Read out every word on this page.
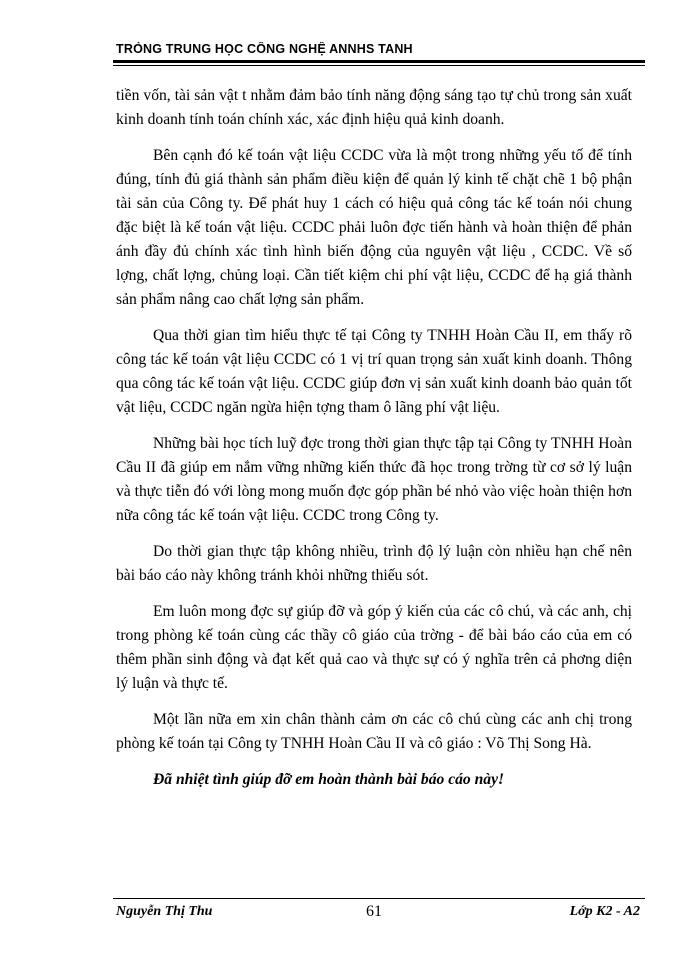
TRÒNG TRUNG HỌC CÔNG NGHỆ ANNHS TANH

tiền vốn, tài sản vật t nhằm đảm bảo tính năng động sáng tạo tự chủ trong sản xuất kinh doanh tính toán chính xác, xác định hiệu quả kinh doanh.

Bên cạnh đó kế toán vật liệu CCDC vừa là một trong những yếu tố để tính đúng, tính đủ giá thành sản phẩm điều kiện để quản lý kinh tế chặt chẽ 1 bộ phận tài sản của Công ty. Để phát huy 1 cách có hiệu quả công tác kế toán nói chung đặc biệt là kế toán vật liệu. CCDC phải luôn đợc tiến hành và hoàn thiện để phản ánh đầy đủ chính xác tình hình biến động của nguyên vật liệu , CCDC. Về số lợng, chất lợng, chủng loại. Cần tiết kiệm chi phí vật liệu, CCDC để hạ giá thành sản phẩm nâng cao chất lợng sản phẩm.

Qua thời gian tìm hiểu thực tế tại Công ty TNHH Hoàn Cầu II, em thấy rõ công tác kế toán vật liệu CCDC có 1 vị trí quan trọng sản xuất kinh doanh. Thông qua công tác kế toán vật liệu. CCDC giúp đơn vị sản xuất kinh doanh bảo quản tốt vật liệu, CCDC ngăn ngừa hiện tợng tham ô lãng phí vật liệu.

Những bài học tích luỹ đợc trong thời gian thực tập tại Công ty TNHH Hoàn Cầu II đã giúp em nắm vững những kiến thức đã học trong trờng từ cơ sở lý luận và thực tiễn đó với lòng mong muốn đợc góp phần bé nhỏ vào việc hoàn thiện hơn nữa công tác kế toán vật liệu. CCDC trong Công ty.

Do thời gian thực tập không nhiều, trình độ lý luận còn nhiều hạn chế nên bài báo cáo này không tránh khỏi những thiếu sót.

Em luôn mong đợc sự giúp đỡ và góp ý kiến của các cô chú, và các anh, chị trong phòng kế toán cùng các thầy cô giáo của trờng - để bài báo cáo của em có thêm phần sinh động và đạt kết quả cao và thực sự có ý nghĩa trên cả phơng diện lý luận và thực tế.

Một lần nữa em xin chân thành cảm ơn các cô chú cùng các anh chị trong phòng kế toán tại Công ty TNHH Hoàn Cầu II và cô giáo : Võ Thị Song Hà.

Đã nhiệt tình giúp đỡ em hoàn thành bài báo cáo này!

Nguyễn Thị Thu	61	Lớp K2 - A2
